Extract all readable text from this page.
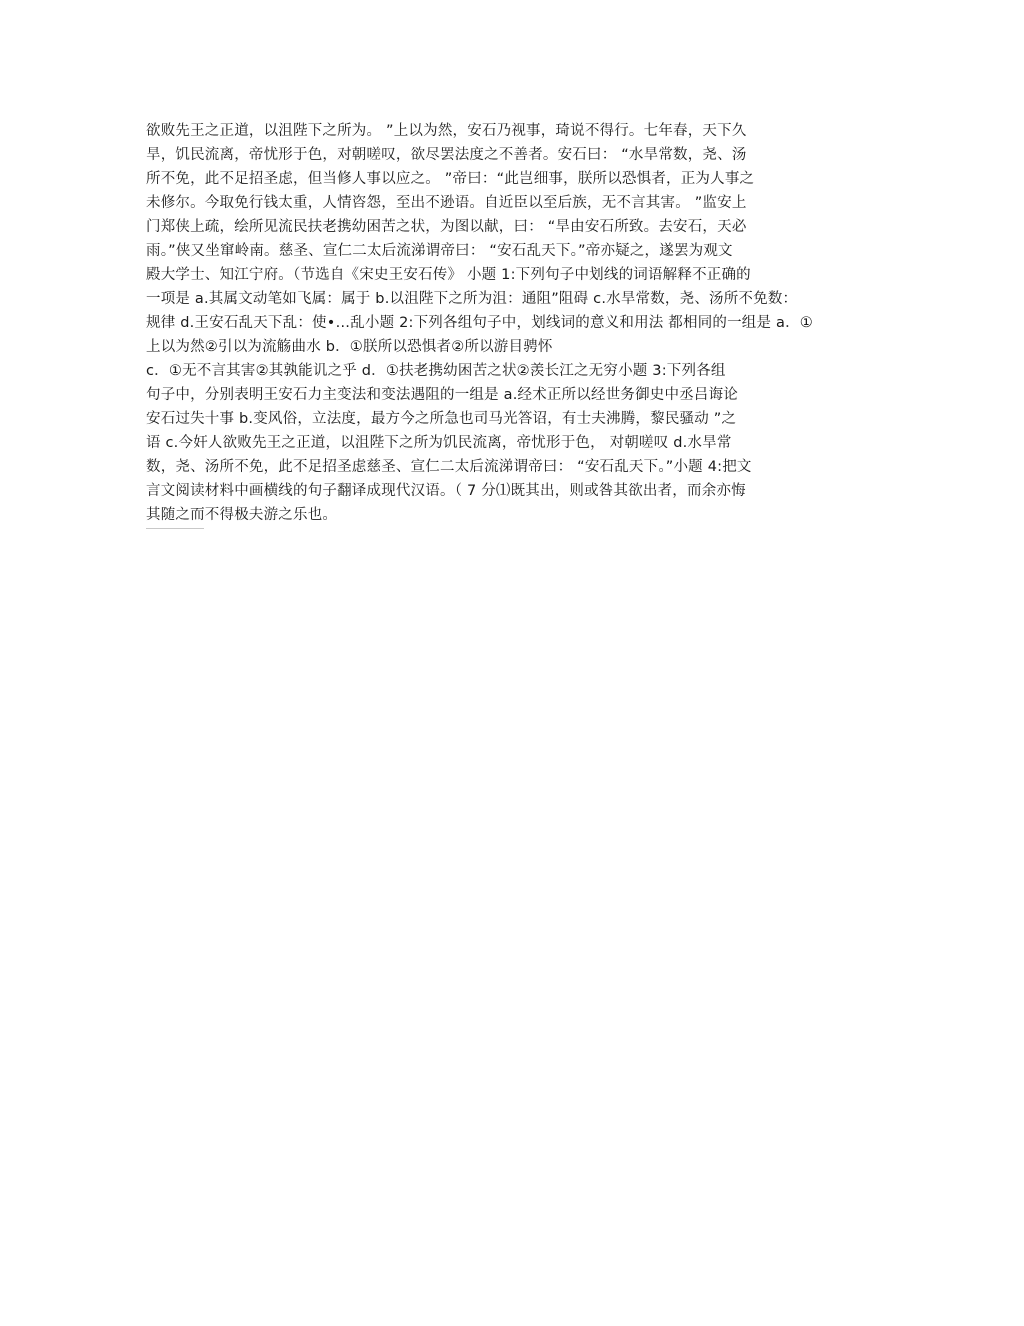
欲败先王之正道，以沮陛下之所为。 ”上以为然，安石乃视事，琦说不得行。七年春，天下久
旱，饥民流离，帝忧形于色，对朝嗟叹，欲尽罢法度之不善者。安石曰： “水旱常数，尧、汤
所不免，此不足招圣虑，但当修人事以应之。 ”帝曰：“此岂细事，朕所以恐惧者，正为人事之
未修尔。今取免行钱太重，人情咨怨，至出不逊语。自近臣以至后族，无不言其害。 ”监安上
门郑侠上疏，绘所见流民扶老携幼困苦之状，为图以献，曰： “旱由安石所致。去安石，天必
雨。”侠又坐窜岭南。慈圣、宣仁二太后流涕谓帝曰： “安石乱天下。”帝亦疑之，遂罢为观文
殿大学士、知江宁府。（节选自《宋史王安石传》 小题 1:下列句子中划线的词语解释不正确的
一项是 a.其属文动笔如飞属：属于 b.以沮陛下之所为沮：通阻”阻碍 c.水旱常数，尧、汤所不免数：
规律 d.王安石乱天下乱：使•…乱小题 2:下列各组句子中，划线词的意义和用法 都相同的一组是 a．①
上以为然②引以为流觞曲水 b．①朕所以恐惧者②所以游目骋怀
c．①无不言其害②其孰能讥之乎 d．①扶老携幼困苦之状②羡长江之无穷小题 3:下列各组
句子中，分别表明王安石力主变法和变法遇阻的一组是 a.经术正所以经世务御史中丞吕诲论
安石过失十事 b.变风俗，立法度，最方今之所急也司马光答诏，有士夫沸腾，黎民骚动 ”之
语 c.今奸人欲败先王之正道，以沮陛下之所为饥民流离，帝忧形于色， 对朝嗟叹 d.水旱常
数，尧、汤所不免，此不足招圣虑慈圣、宣仁二太后流涕谓帝曰： “安石乱天下。”小题 4:把文
言文阅读材料中画横线的句子翻译成现代汉语。（ 7 分⑴既其出，则或咎其欲出者，而余亦悔
其随之而不得极夫游之乐也。
